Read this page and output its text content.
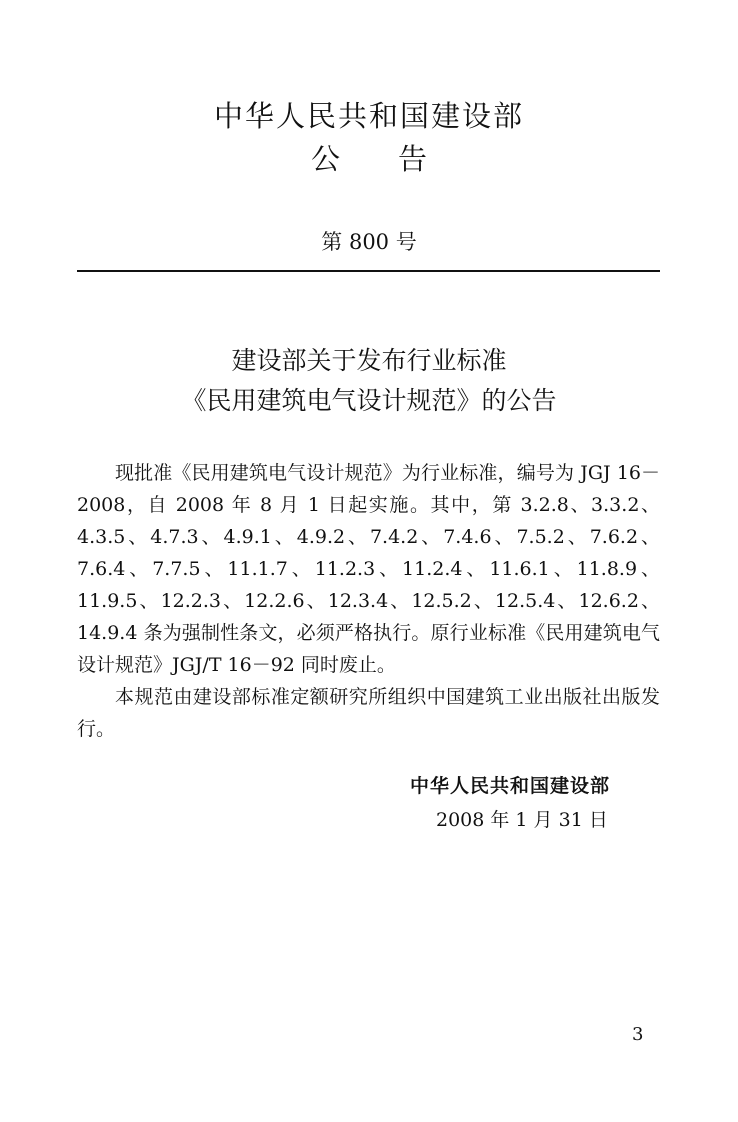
中华人民共和国建设部
公　　告
第 800 号
建设部关于发布行业标准
《民用建筑电气设计规范》的公告

现批准《民用建筑电气设计规范》为行业标准，编号为 JGJ 16－2008，自 2008 年 8 月 1 日起实施。其中，第 3.2.8、3.3.2、4.3.5、4.7.3、4.9.1、4.9.2、7.4.2、7.4.6、7.5.2、7.6.2、7.6.4、7.7.5、11.1.7、11.2.3、11.2.4、11.6.1、11.8.9、11.9.5、12.2.3、12.2.6、12.3.4、12.5.2、12.5.4、12.6.2、14.9.4 条为强制性条文，必须严格执行。原行业标准《民用建筑电气设计规范》JGJ/T 16－92 同时废止。

本规范由建设部标准定额研究所组织中国建筑工业出版社出版发行。

中华人民共和国建设部
2008 年 1 月 31 日
3
